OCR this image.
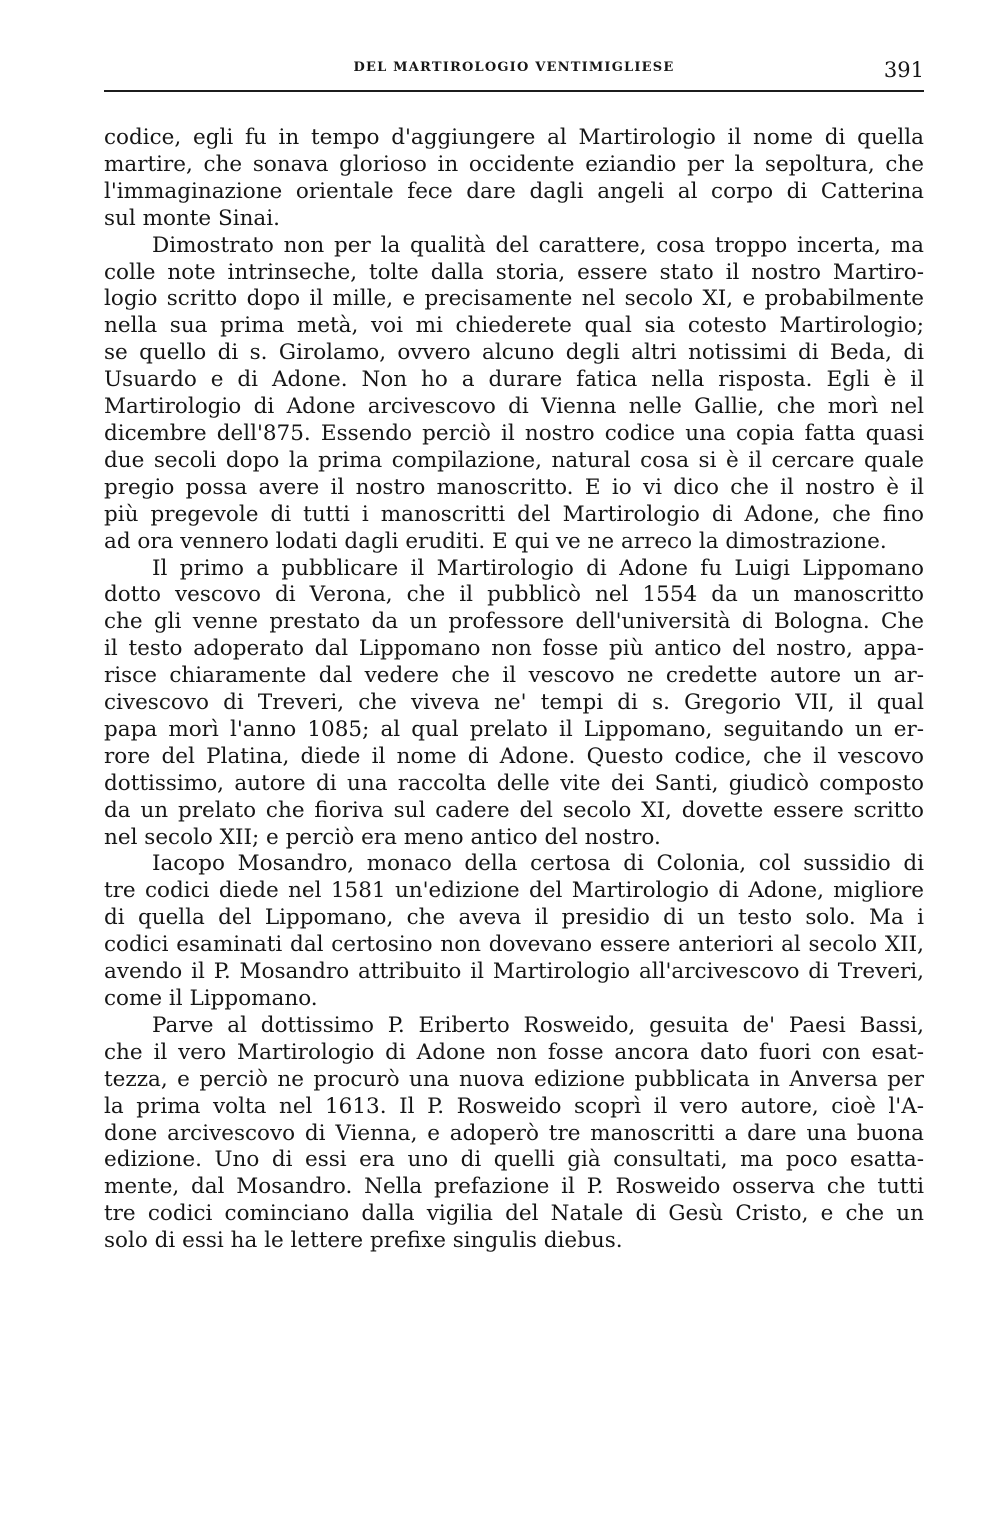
DEL MARTIROLOGIO VENTIMIGLIESE	391
codice, egli fu in tempo d'aggiungere al Martirologio il nome di quella
martire, che sonava glorioso in occidente eziandio per la sepoltura, che
l'immaginazione orientale fece dare dagli angeli al corpo di Catterina
sul monte Sinai.
Dimostrato non per la qualità del carattere, cosa troppo incerta, ma
colle note intrinseche, tolte dalla storia, essere stato il nostro Martiro-
logio scritto dopo il mille, e precisamente nel secolo XI, e probabilmente
nella sua prima metà, voi mi chiederete qual sia cotesto Martirologio;
se quello di s. Girolamo, ovvero alcuno degli altri notissimi di Beda, di
Usuardo e di Adone. Non ho a durare fatica nella risposta. Egli è il
Martirologio di Adone arcivescovo di Vienna nelle Gallie, che morì nel
dicembre dell'875. Essendo perciò il nostro codice una copia fatta quasi
due secoli dopo la prima compilazione, natural cosa si è il cercare quale
pregio possa avere il nostro manoscritto. E io vi dico che il nostro è il
più pregevole di tutti i manoscritti del Martirologio di Adone, che fino
ad ora vennero lodati dagli eruditi. E qui ve ne arreco la dimostrazione.
Il primo a pubblicare il Martirologio di Adone fu Luigi Lippomano
dotto vescovo di Verona, che il pubblicò nel 1554 da un manoscritto
che gli venne prestato da un professore dell'università di Bologna. Che
il testo adoperato dal Lippomano non fosse più antico del nostro, appa-
risce chiaramente dal vedere che il vescovo ne credette autore un ar-
civescovo di Treveri, che viveva ne' tempi di s. Gregorio VII, il qual
papa morì l'anno 1085; al qual prelato il Lippomano, seguitando un er-
rore del Platina, diede il nome di Adone. Questo codice, che il vescovo
dottissimo, autore di una raccolta delle vite dei Santi, giudicò composto
da un prelato che fioriva sul cadere del secolo XI, dovette essere scritto
nel secolo XII; e perciò era meno antico del nostro.
Iacopo Mosandro, monaco della certosa di Colonia, col sussidio di
tre codici diede nel 1581 un'edizione del Martirologio di Adone, migliore
di quella del Lippomano, che aveva il presidio di un testo solo. Ma i
codici esaminati dal certosino non dovevano essere anteriori al secolo XII,
avendo il P. Mosandro attribuito il Martirologio all'arcivescovo di Treveri,
come il Lippomano.
Parve al dottissimo P. Eriberto Rosweido, gesuita de' Paesi Bassi,
che il vero Martirologio di Adone non fosse ancora dato fuori con esat-
tezza, e perciò ne procurò una nuova edizione pubblicata in Anversa per
la prima volta nel 1613. Il P. Rosweido scoprì il vero autore, cioè l'A-
done arcivescovo di Vienna, e adoperò tre manoscritti a dare una buona
edizione. Uno di essi era uno di quelli già consultati, ma poco esatta-
mente, dal Mosandro. Nella prefazione il P. Rosweido osserva che tutti
tre codici cominciano dalla vigilia del Natale di Gesù Cristo, e che un
solo di essi ha le lettere prefixe singulis diebus.
